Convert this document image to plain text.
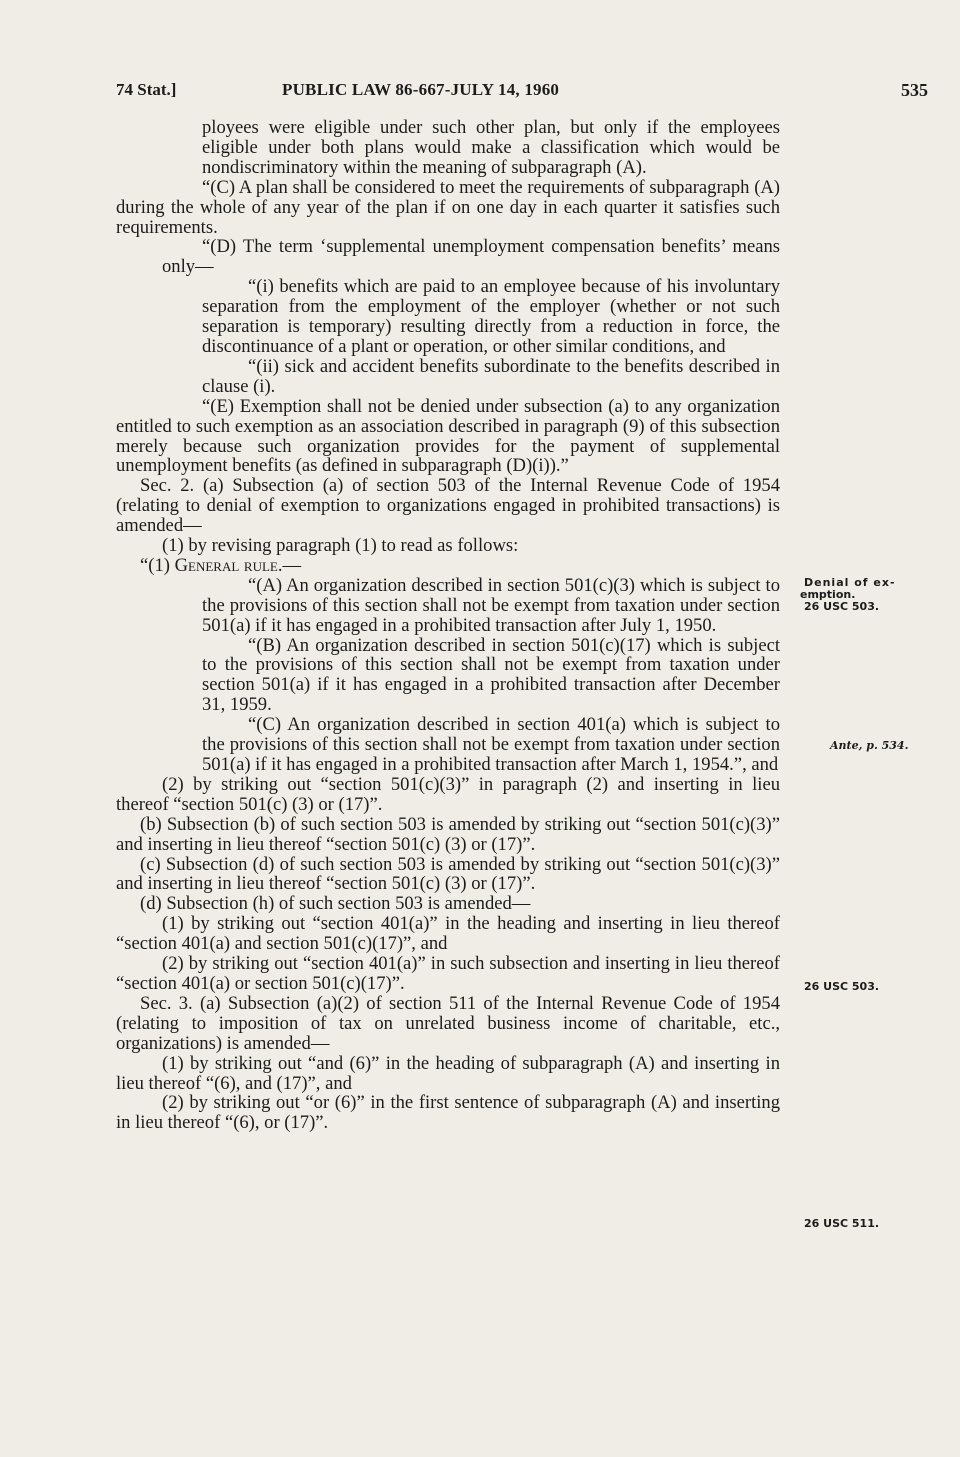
74 Stat.]	PUBLIC LAW 86-667-JULY 14, 1960	535

ployees were eligible under such other plan, but only if the employees eligible under both plans would make a classification which would be nondiscriminatory within the meaning of subparagraph (A).

“(C) A plan shall be considered to meet the requirements of subparagraph (A) during the whole of any year of the plan if on one day in each quarter it satisfies such requirements.

“(D) The term ‘supplemental unemployment compensation benefits’ means only—

“(i) benefits which are paid to an employee because of his involuntary separation from the employment of the employer (whether or not such separation is temporary) resulting directly from a reduction in force, the discontinuance of a plant or operation, or other similar conditions, and

“(ii) sick and accident benefits subordinate to the benefits described in clause (i).

“(E) Exemption shall not be denied under subsection (a) to any organization entitled to such exemption as an association described in paragraph (9) of this subsection merely because such organization provides for the payment of supplemental unemployment benefits (as defined in subparagraph (D)(i)).”

Sec. 2. (a) Subsection (a) of section 503 of the Internal Revenue Code of 1954 (relating to denial of exemption to organizations engaged in prohibited transactions) is amended—

(1) by revising paragraph (1) to read as follows:

“(1) General rule.—

“(A) An organization described in section 501(c)(3) which is subject to the provisions of this section shall not be exempt from taxation under section 501(a) if it has engaged in a prohibited transaction after July 1, 1950.

“(B) An organization described in section 501(c)(17) which is subject to the provisions of this section shall not be exempt from taxation under section 501(a) if it has engaged in a prohibited transaction after December 31, 1959.

“(C) An organization described in section 401(a) which is subject to the provisions of this section shall not be exempt from taxation under section 501(a) if it has engaged in a prohibited transaction after March 1, 1954.”, and

(2) by striking out “section 501(c)(3)” in paragraph (2) and inserting in lieu thereof “section 501(c) (3) or (17)”.

(b) Subsection (b) of such section 503 is amended by striking out “section 501(c)(3)” and inserting in lieu thereof “section 501(c) (3) or (17)”.

(c) Subsection (d) of such section 503 is amended by striking out “section 501(c)(3)” and inserting in lieu thereof “section 501(c) (3) or (17)”.

(d) Subsection (h) of such section 503 is amended—

(1) by striking out “section 401(a)” in the heading and inserting in lieu thereof “section 401(a) and section 501(c)(17)”, and

(2) by striking out “section 401(a)” in such subsection and inserting in lieu thereof “section 401(a) or section 501(c)(17)”.

Sec. 3. (a) Subsection (a)(2) of section 511 of the Internal Revenue Code of 1954 (relating to imposition of tax on unrelated business income of charitable, etc., organizations) is amended—

(1) by striking out “and (6)” in the heading of subparagraph (A) and inserting in lieu thereof “(6), and (17)”, and

(2) by striking out “or (6)” in the first sentence of subparagraph (A) and inserting in lieu thereof “(6), or (17)”.

Denial of ex-
emption.
26 USC 503.
Ante, p. 534.
26 USC 503.
26 USC 511.
